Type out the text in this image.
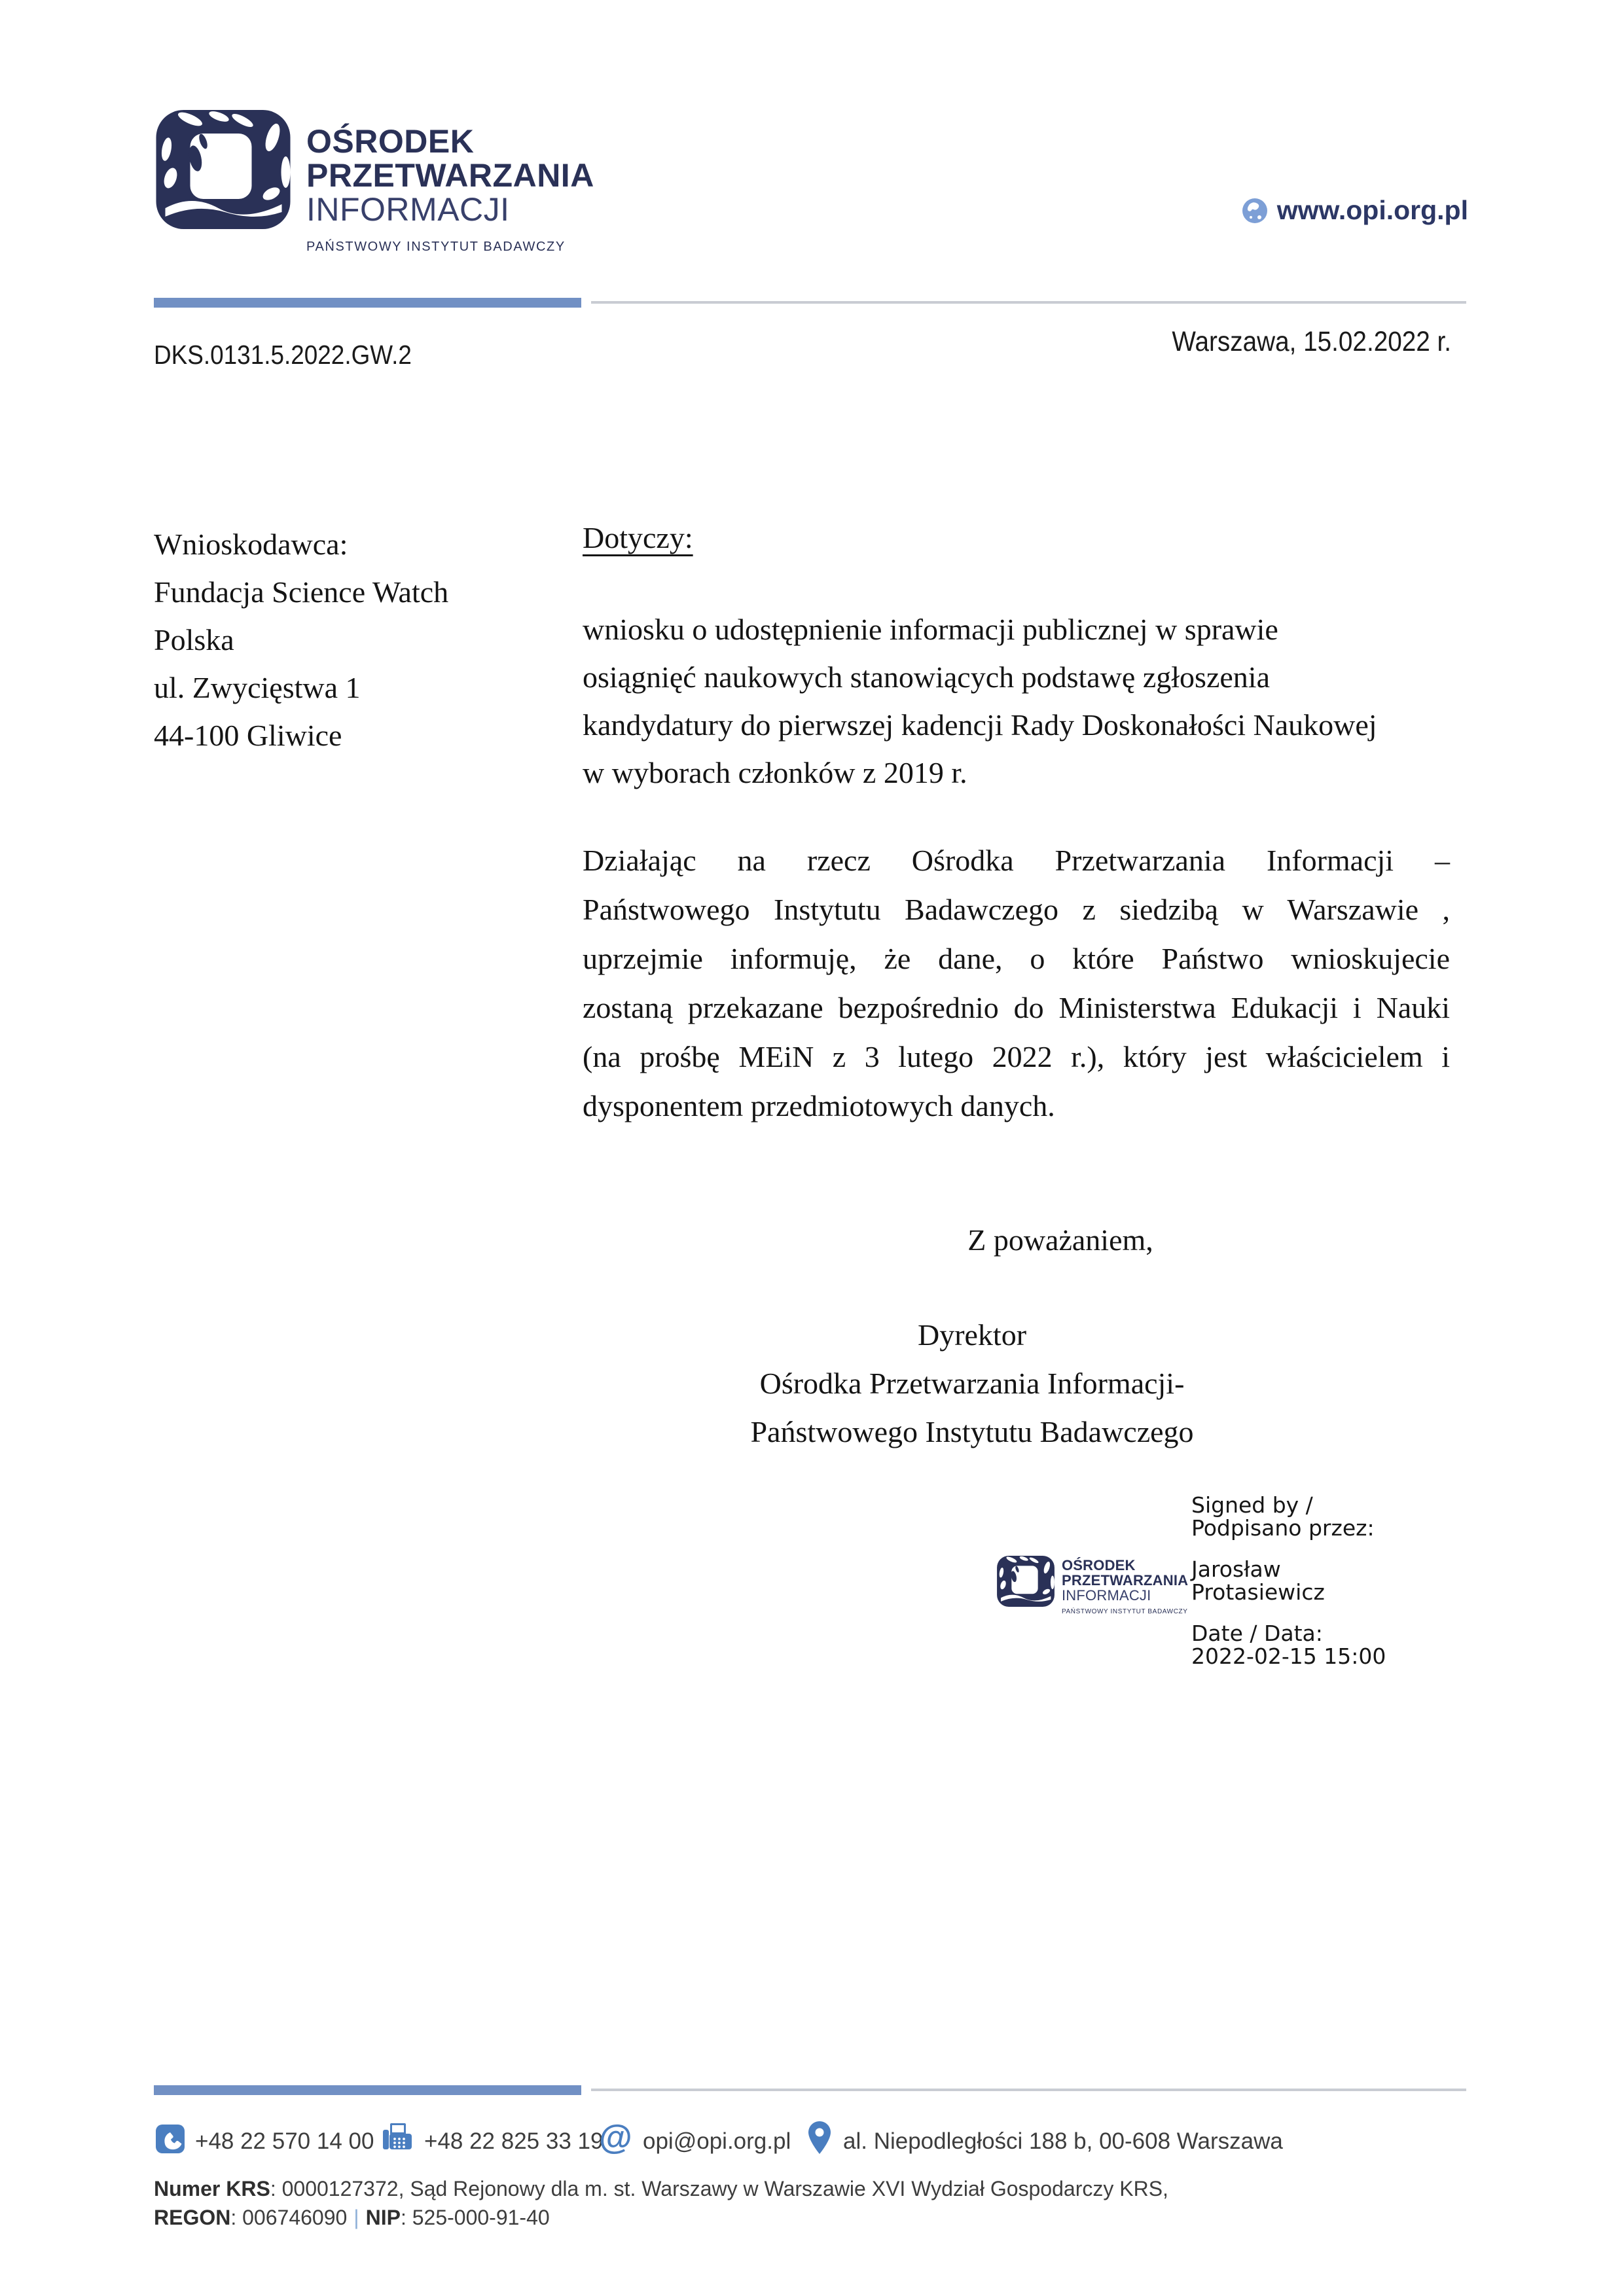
OŚRODEK
PRZETWARZANIA
INFORMACJI
PAŃSTWOWY INSTYTUT BADAWCZY
www.opi.org.pl
DKS.0131.5.2022.GW.2	Warszawa, 15.02.2022 r.
Wnioskodawca:
Fundacja Science Watch
Polska
ul. Zwycięstwa 1
44-100 Gliwice
Dotyczy:
wniosku o udostępnienie informacji publicznej w sprawie
osiągnięć naukowych stanowiących podstawę zgłoszenia
kandydatury do pierwszej kadencji Rady Doskonałości Naukowej
w wyborach członków z 2019 r.
Działając na rzecz Ośrodka Przetwarzania Informacji –
Państwowego Instytutu Badawczego z siedzibą w Warszawie ,
uprzejmie informuję, że dane, o które Państwo wnioskujecie
zostaną przekazane bezpośrednio do Ministerstwa Edukacji i Nauki
(na prośbę MEiN z 3 lutego 2022 r.), który jest właścicielem i
dysponentem przedmiotowych danych.
Z poważaniem,
Dyrektor
Ośrodka Przetwarzania Informacji-
Państwowego Instytutu Badawczego
OŚRODEK
PRZETWARZANIA
INFORMACJI
PAŃSTWOWY INSTYTUT BADAWCZY
Signed by /
Podpisano przez:
Jarosław
Protasiewicz
Date / Data:
2022-02-15 15:00
+48 22 570 14 00 +48 22 825 33 19
@ opi@opi.org.pl al. Niepodległości 188 b, 00-608 Warszawa
Numer KRS: 0000127372, Sąd Rejonowy dla m. st. Warszawy w Warszawie XVI Wydział Gospodarczy KRS,
REGON: 006746090 | NIP: 525-000-91-40
